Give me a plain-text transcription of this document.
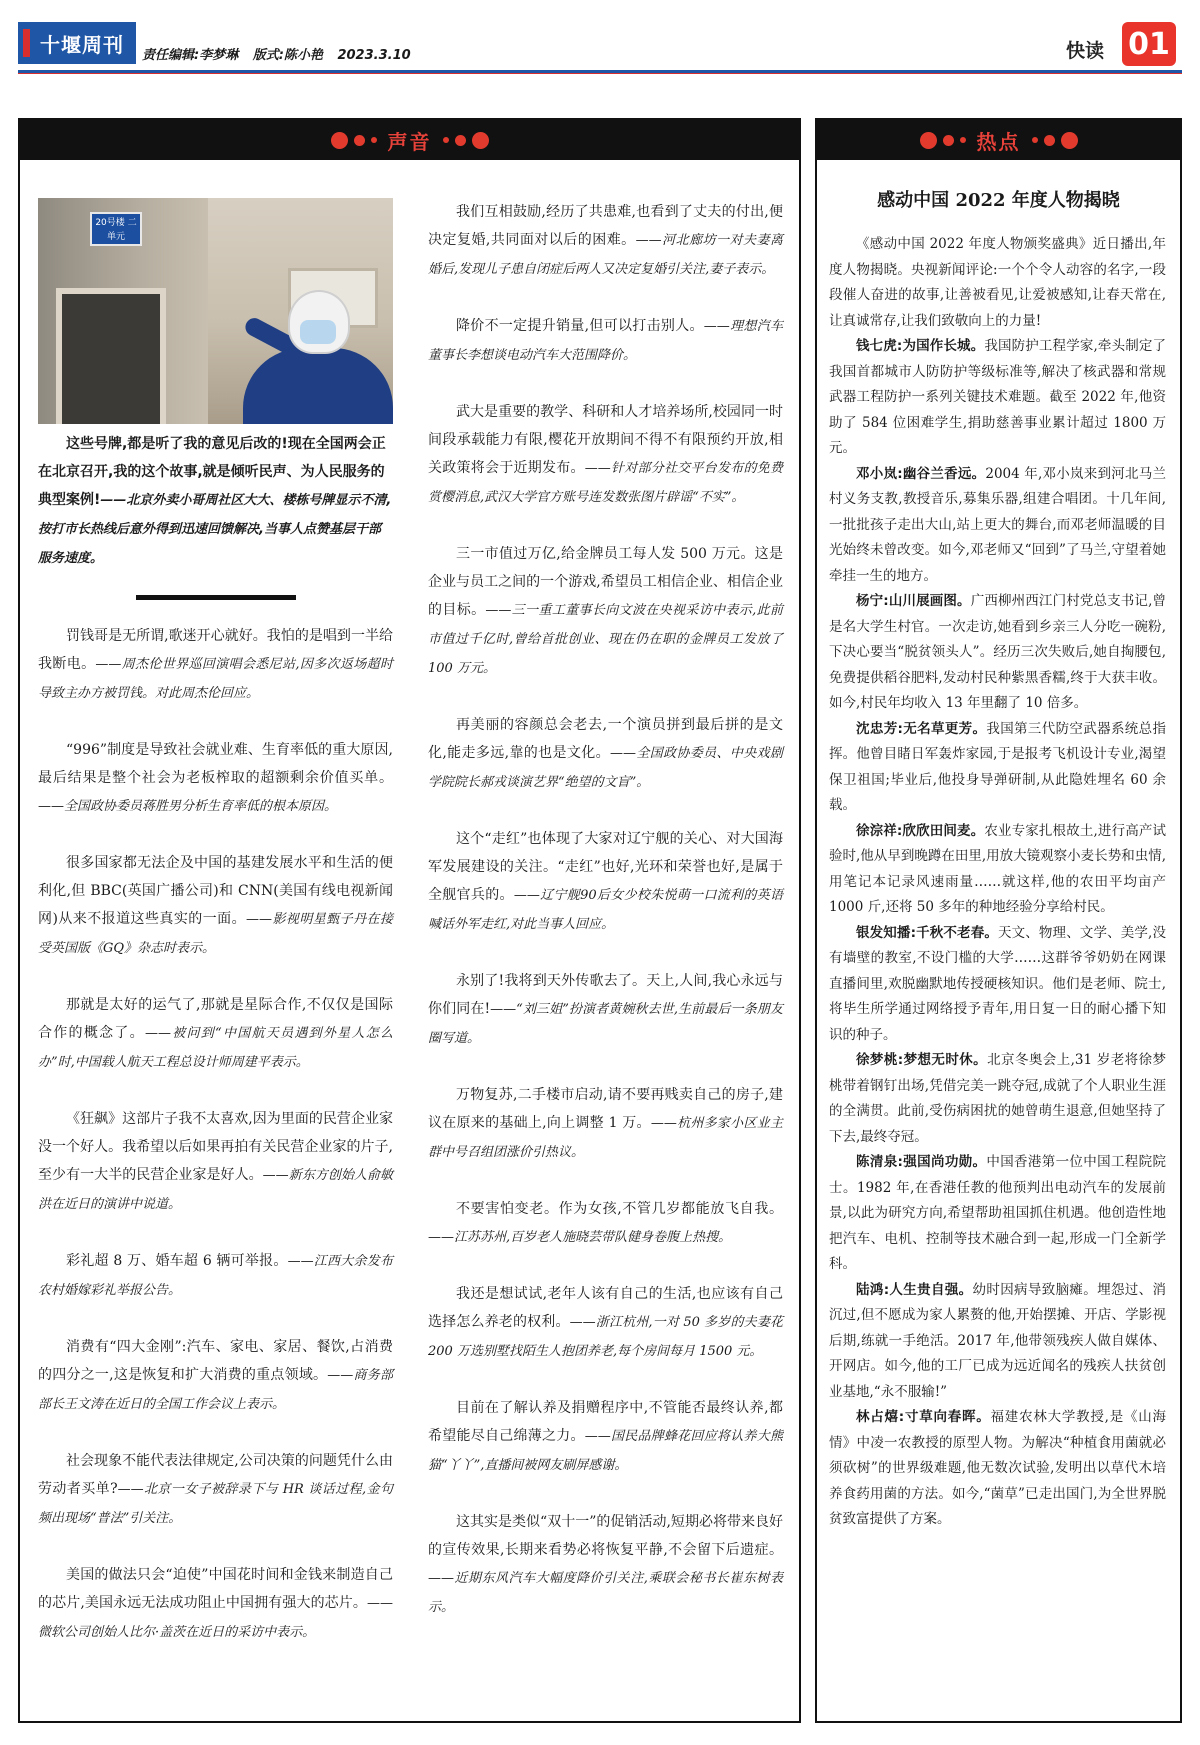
十堰周刊 责任编辑:李梦琳 版式:陈小艳 2023.3.10	快读 01
声音
20号楼 二单元
这些号牌,都是听了我的意见后改的!现在全国两会正在北京召开,我的这个故事,就是倾听民声、为人民服务的典型案例!——北京外卖小哥周社区大大、楼栋号牌显示不清,按打市长热线后意外得到迅速回馈解决,当事人点赞基层干部服务速度。
罚钱哥是无所谓,歌迷开心就好。我怕的是唱到一半给我断电。——周杰伦世界巡回演唱会悉尼站,因多次返场超时导致主办方被罚钱。对此周杰伦回应。
“996”制度是导致社会就业难、生育率低的重大原因,最后结果是整个社会为老板榨取的超额剩余价值买单。——全国政协委员蒋胜男分析生育率低的根本原因。
很多国家都无法企及中国的基建发展水平和生活的便利化,但 BBC(英国广播公司)和 CNN(美国有线电视新闻网)从来不报道这些真实的一面。——影视明星甄子丹在接受英国版《GQ》杂志时表示。
那就是太好的运气了,那就是星际合作,不仅仅是国际合作的概念了。——被问到“中国航天员遇到外星人怎么办”时,中国载人航天工程总设计师周建平表示。
《狂飙》这部片子我不太喜欢,因为里面的民营企业家没一个好人。我希望以后如果再拍有关民营企业家的片子,至少有一大半的民营企业家是好人。——新东方创始人俞敏洪在近日的演讲中说道。
彩礼超 8 万、婚车超 6 辆可举报。——江西大余发布农村婚嫁彩礼举报公告。
消费有“四大金刚”:汽车、家电、家居、餐饮,占消费的四分之一,这是恢复和扩大消费的重点领域。——商务部部长王文涛在近日的全国工作会议上表示。
社会现象不能代表法律规定,公司决策的问题凭什么由劳动者买单?——北京一女子被辞录下与 HR 谈话过程,金句频出现场“普法”引关注。
美国的做法只会“迫使”中国花时间和金钱来制造自己的芯片,美国永远无法成功阻止中国拥有强大的芯片。——微软公司创始人比尔·盖茨在近日的采访中表示。
我们互相鼓励,经历了共患难,也看到了丈夫的付出,便决定复婚,共同面对以后的困难。——河北廊坊一对夫妻离婚后,发现儿子患自闭症后两人又决定复婚引关注,妻子表示。
降价不一定提升销量,但可以打击别人。——理想汽车董事长李想谈电动汽车大范围降价。
武大是重要的教学、科研和人才培养场所,校园同一时间段承载能力有限,樱花开放期间不得不有限预约开放,相关政策将会于近期发布。——针对部分社交平台发布的免费赏樱消息,武汉大学官方账号连发数张图片辟谣“不实”。
三一市值过万亿,给金牌员工每人发 500 万元。这是企业与员工之间的一个游戏,希望员工相信企业、相信企业的目标。——三一重工董事长向文波在央视采访中表示,此前市值过千亿时,曾给首批创业、现在仍在职的金牌员工发放了 100 万元。
再美丽的容颜总会老去,一个演员拼到最后拼的是文化,能走多远,靠的也是文化。——全国政协委员、中央戏剧学院院长郝戎谈演艺界“绝望的文盲”。
这个“走红”也体现了大家对辽宁舰的关心、对大国海军发展建设的关注。“走红”也好,光环和荣誉也好,是属于全舰官兵的。——辽宁舰90后女少校朱悦萌一口流利的英语喊话外军走红,对此当事人回应。
永别了!我将到天外传歌去了。天上,人间,我心永远与你们同在!——“刘三姐”扮演者黄婉秋去世,生前最后一条朋友圈写道。
万物复苏,二手楼市启动,请不要再贱卖自己的房子,建议在原来的基础上,向上调整 1 万。——杭州多家小区业主群中号召组团涨价引热议。
不要害怕变老。作为女孩,不管几岁都能放飞自我。——江苏苏州,百岁老人施晓芸带队健身卷腹上热搜。
我还是想试试,老年人该有自己的生活,也应该有自己选择怎么养老的权利。——浙江杭州,一对 50 多岁的夫妻花 200 万选别墅找陌生人抱团养老,每个房间每月 1500 元。
目前在了解认养及捐赠程序中,不管能否最终认养,都希望能尽自己绵薄之力。——国民品牌蜂花回应将认养大熊猫“丫丫”,直播间被网友刷屏感谢。
这其实是类似“双十一”的促销活动,短期必将带来良好的宣传效果,长期来看势必将恢复平静,不会留下后遗症。——近期东风汽车大幅度降价引关注,乘联会秘书长崔东树表示。
热点
感动中国 2022 年度人物揭晓

《感动中国 2022 年度人物颁奖盛典》近日播出,年度人物揭晓。央视新闻评论:一个个令人动容的名字,一段段催人奋进的故事,让善被看见,让爱被感知,让春天常在,让真诚常存,让我们致敬向上的力量!

钱七虎:为国作长城。我国防护工程学家,牵头制定了我国首都城市人防防护等级标准等,解决了核武器和常规武器工程防护一系列关键技术难题。截至 2022 年,他资助了 584 位困难学生,捐助慈善事业累计超过 1800 万元。

邓小岚:幽谷兰香远。2004 年,邓小岚来到河北马兰村义务支教,教授音乐,募集乐器,组建合唱团。十几年间,一批批孩子走出大山,站上更大的舞台,而邓老师温暖的目光始终未曾改变。如今,邓老师又“回到”了马兰,守望着她牵挂一生的地方。

杨宁:山川展画图。广西柳州西江门村党总支书记,曾是名大学生村官。一次走访,她看到乡亲三人分吃一碗粉,下决心要当“脱贫领头人”。经历三次失败后,她自掏腰包,免费提供稻谷肥料,发动村民种紫黑香糯,终于大获丰收。如今,村民年均收入 13 年里翻了 10 倍多。

沈忠芳:无名草更芳。我国第三代防空武器系统总指挥。他曾目睹日军轰炸家园,于是报考飞机设计专业,渴望保卫祖国;毕业后,他投身导弹研制,从此隐姓埋名 60 余载。

徐淙祥:欣欣田间麦。农业专家扎根故土,进行高产试验时,他从早到晚蹲在田里,用放大镜观察小麦长势和虫情,用笔记本记录风速雨量……就这样,他的农田平均亩产 1000 斤,还将 50 多年的种地经验分享给村民。

银发知播:千秋不老春。天文、物理、文学、美学,没有墙壁的教室,不设门槛的大学……这群爷爷奶奶在网课直播间里,欢脱幽默地传授硬核知识。他们是老师、院士,将毕生所学通过网络授予青年,用日复一日的耐心播下知识的种子。

徐梦桃:梦想无时休。北京冬奥会上,31 岁老将徐梦桃带着钢钉出场,凭借完美一跳夺冠,成就了个人职业生涯的全满贯。此前,受伤病困扰的她曾萌生退意,但她坚持了下去,最终夺冠。

陈清泉:强国尚功勋。中国香港第一位中国工程院院士。1982 年,在香港任教的他预判出电动汽车的发展前景,以此为研究方向,希望帮助祖国抓住机遇。他创造性地把汽车、电机、控制等技术融合到一起,形成一门全新学科。

陆鸿:人生贵自强。幼时因病导致脑瘫。埋怨过、消沉过,但不愿成为家人累赘的他,开始摆摊、开店、学影视后期,练就一手绝活。2017 年,他带领残疾人做自媒体、开网店。如今,他的工厂已成为远近闻名的残疾人扶贫创业基地,“永不服输!”

林占熺:寸草向春晖。福建农林大学教授,是《山海情》中凌一农教授的原型人物。为解决“种植食用菌就必须砍树”的世界级难题,他无数次试验,发明出以草代木培养食药用菌的方法。如今,“菌草”已走出国门,为全世界脱贫致富提供了方案。
